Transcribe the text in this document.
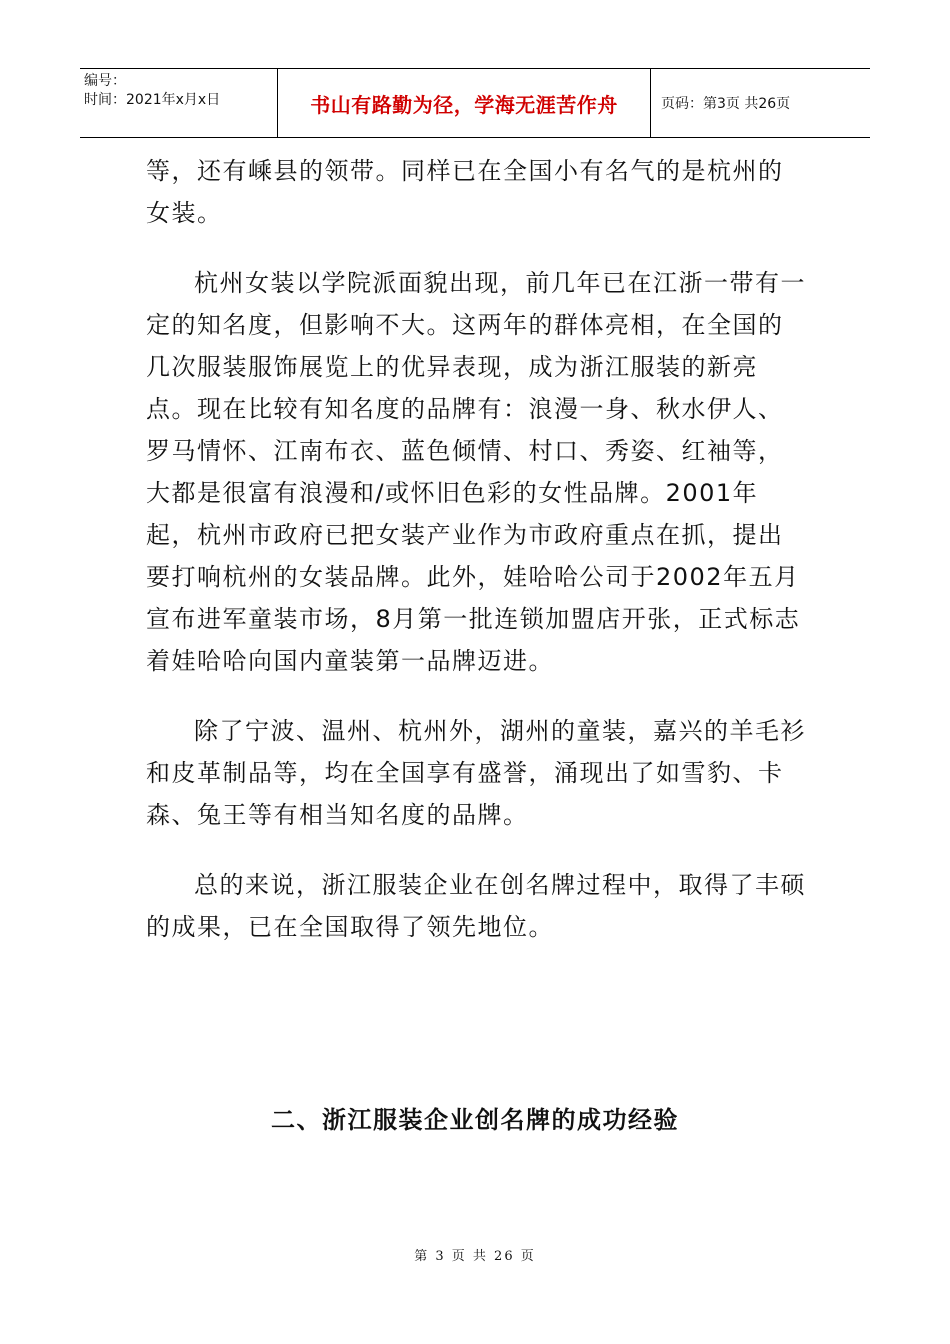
编号：
时间：2021年x月x日	书山有路勤为径，学海无涯苦作舟	页码：第3页 共26页

等，还有嵊县的领带。同样已在全国小有名气的是杭州的女装。

杭州女装以学院派面貌出现，前几年已在江浙一带有一定的知名度，但影响不大。这两年的群体亮相，在全国的几次服装服饰展览上的优异表现，成为浙江服装的新亮点。现在比较有知名度的品牌有：浪漫一身、秋水伊人、罗马情怀、江南布衣、蓝色倾情、村口、秀姿、红袖等，大都是很富有浪漫和/或怀旧色彩的女性品牌。2001年起，杭州市政府已把女装产业作为市政府重点在抓，提出要打响杭州的女装品牌。此外，娃哈哈公司于2002年五月宣布进军童装市场，8月第一批连锁加盟店开张，正式标志着娃哈哈向国内童装第一品牌迈进。

除了宁波、温州、杭州外，湖州的童装，嘉兴的羊毛衫和皮革制品等，均在全国享有盛誉，涌现出了如雪豹、卡森、兔王等有相当知名度的品牌。

总的来说，浙江服装企业在创名牌过程中，取得了丰硕的成果，已在全国取得了领先地位。

二、浙江服装企业创名牌的成功经验
第 3 页 共 26 页
